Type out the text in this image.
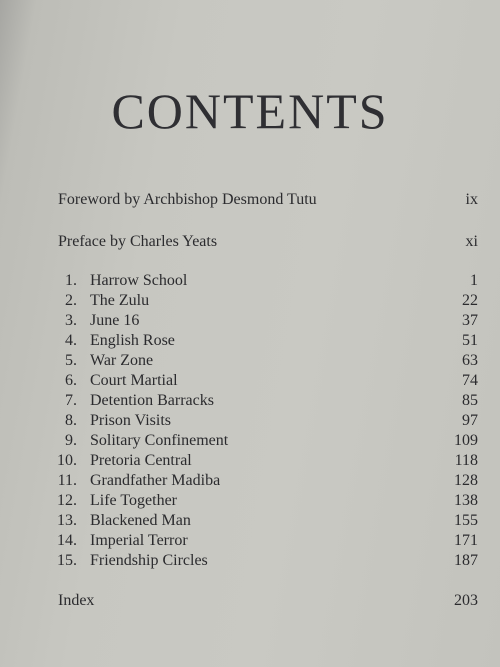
CONTENTS
Foreword by Archbishop Desmond Tutu	ix
Preface by Charles Yeats	xi
1. Harrow School	1
2. The Zulu	22
3. June 16	37
4. English Rose	51
5. War Zone	63
6. Court Martial	74
7. Detention Barracks	85
8. Prison Visits	97
9. Solitary Confinement	109
10. Pretoria Central	118
11. Grandfather Madiba	128
12. Life Together	138
13. Blackened Man	155
14. Imperial Terror	171
15. Friendship Circles	187
Index	203
